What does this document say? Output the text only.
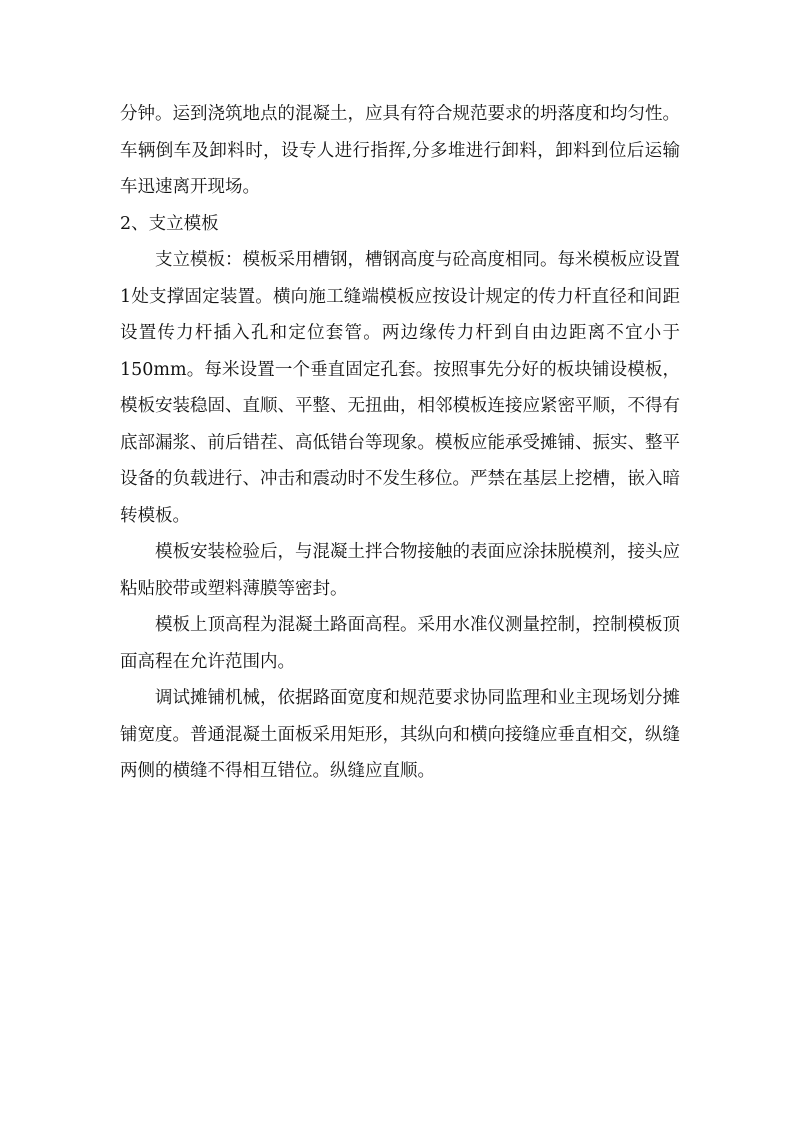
分钟。运到浇筑地点的混凝土，应具有符合规范要求的坍落度和均匀性。车辆倒车及卸料时，设专人进行指挥,分多堆进行卸料，卸料到位后运输车迅速离开现场。

2、支立模板

支立模板：模板采用槽钢，槽钢高度与砼高度相同。每米模板应设置1处支撑固定装置。横向施工缝端模板应按设计规定的传力杆直径和间距设置传力杆插入孔和定位套管。两边缘传力杆到自由边距离不宜小于150mm。每米设置一个垂直固定孔套。按照事先分好的板块铺设模板，模板安装稳固、直顺、平整、无扭曲，相邻模板连接应紧密平顺，不得有底部漏浆、前后错茬、高低错台等现象。模板应能承受摊铺、振实、整平设备的负载进行、冲击和震动时不发生移位。严禁在基层上挖槽，嵌入暗转模板。

模板安装检验后，与混凝土拌合物接触的表面应涂抹脱模剂，接头应粘贴胶带或塑料薄膜等密封。

模板上顶高程为混凝土路面高程。采用水准仪测量控制，控制模板顶面高程在允许范围内。

调试摊铺机械，依据路面宽度和规范要求协同监理和业主现场划分摊铺宽度。普通混凝土面板采用矩形，其纵向和横向接缝应垂直相交，纵缝两侧的横缝不得相互错位。纵缝应直顺。
